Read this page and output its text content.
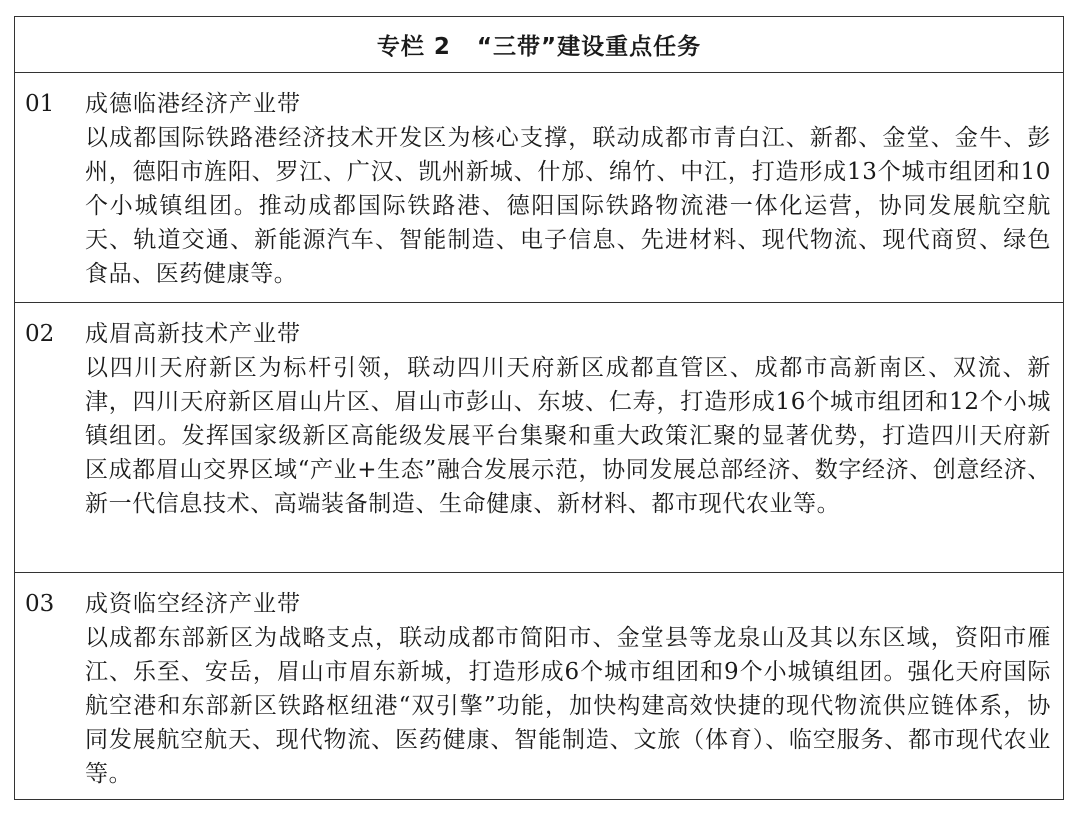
专栏 2 “三带”建设重点任务
01 成德临港经济产业带
以成都国际铁路港经济技术开发区为核心支撑，联动成都市青白江、新都、金堂、金牛、彭州，德阳市旌阳、罗江、广汉、凯州新城、什邡、绵竹、中江，打造形成13个城市组团和10个小城镇组团。推动成都国际铁路港、德阳国际铁路物流港一体化运营，协同发展航空航天、轨道交通、新能源汽车、智能制造、电子信息、先进材料、现代物流、现代商贸、绿色食品、医药健康等。
02 成眉高新技术产业带
以四川天府新区为标杆引领，联动四川天府新区成都直管区、成都市高新南区、双流、新津，四川天府新区眉山片区、眉山市彭山、东坡、仁寿，打造形成16个城市组团和12个小城镇组团。发挥国家级新区高能级发展平台集聚和重大政策汇聚的显著优势，打造四川天府新区成都眉山交界区域“产业+生态”融合发展示范，协同发展总部经济、数字经济、创意经济、新一代信息技术、高端装备制造、生命健康、新材料、都市现代农业等。
03 成资临空经济产业带
以成都东部新区为战略支点，联动成都市简阳市、金堂县等龙泉山及其以东区域，资阳市雁江、乐至、安岳，眉山市眉东新城，打造形成6个城市组团和9个小城镇组团。强化天府国际航空港和东部新区铁路枢纽港“双引擎”功能，加快构建高效快捷的现代物流供应链体系，协同发展航空航天、现代物流、医药健康、智能制造、文旅（体育）、临空服务、都市现代农业等。
